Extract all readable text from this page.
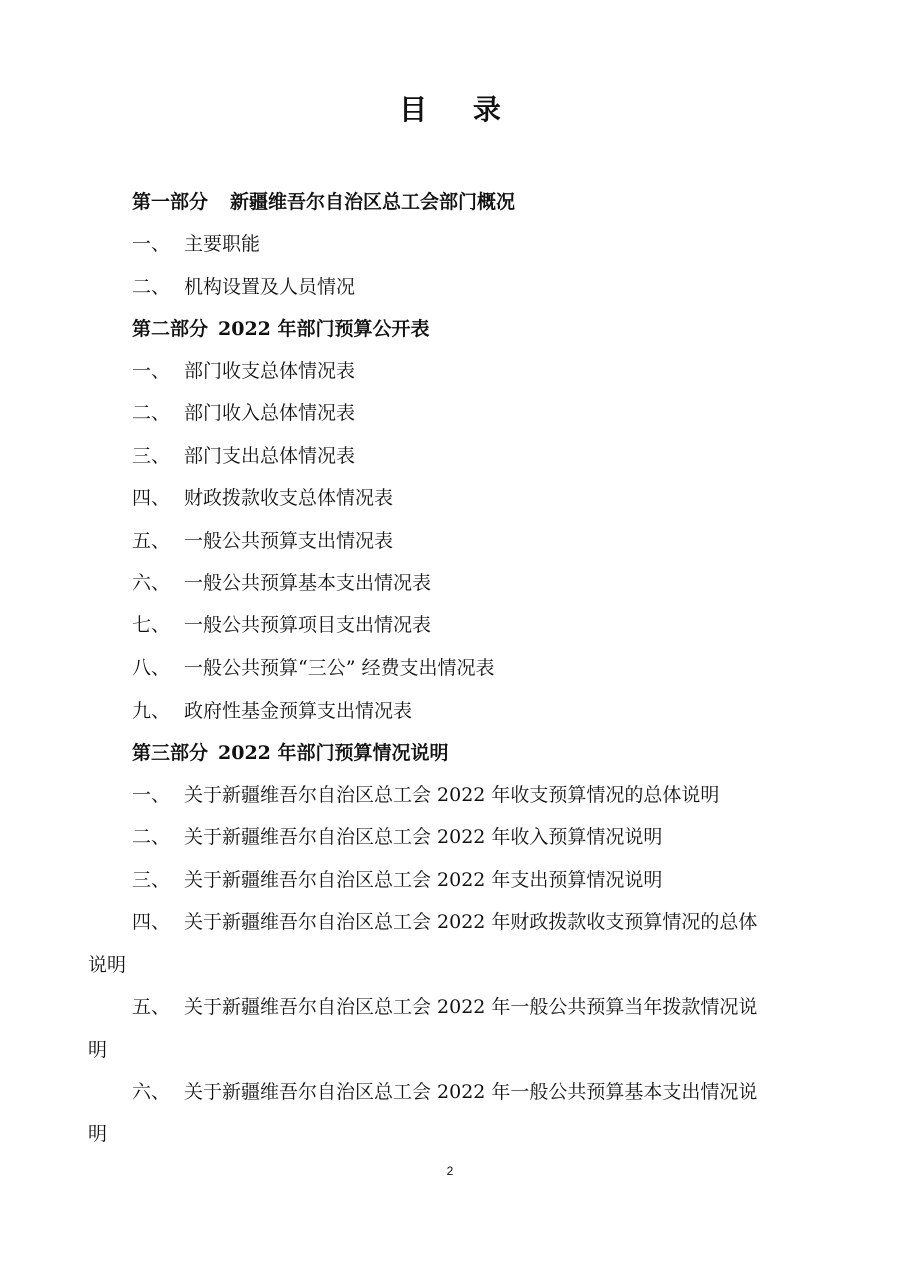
目 录
第一部分 新疆维吾尔自治区总工会部门概况
一、 主要职能
二、 机构设置及人员情况
第二部分 2022 年部门预算公开表
一、 部门收支总体情况表
二、 部门收入总体情况表
三、 部门支出总体情况表
四、 财政拨款收支总体情况表
五、 一般公共预算支出情况表
六、 一般公共预算基本支出情况表
七、 一般公共预算项目支出情况表
八、 一般公共预算“三公” 经费支出情况表
九、 政府性基金预算支出情况表
第三部分 2022 年部门预算情况说明
一、 关于新疆维吾尔自治区总工会 2022 年收支预算情况的总体说明
二、 关于新疆维吾尔自治区总工会 2022 年收入预算情况说明
三、 关于新疆维吾尔自治区总工会 2022 年支出预算情况说明
四、 关于新疆维吾尔自治区总工会 2022 年财政拨款收支预算情况的总体
说明
五、 关于新疆维吾尔自治区总工会 2022 年一般公共预算当年拨款情况说
明
六、 关于新疆维吾尔自治区总工会 2022 年一般公共预算基本支出情况说
明
2
